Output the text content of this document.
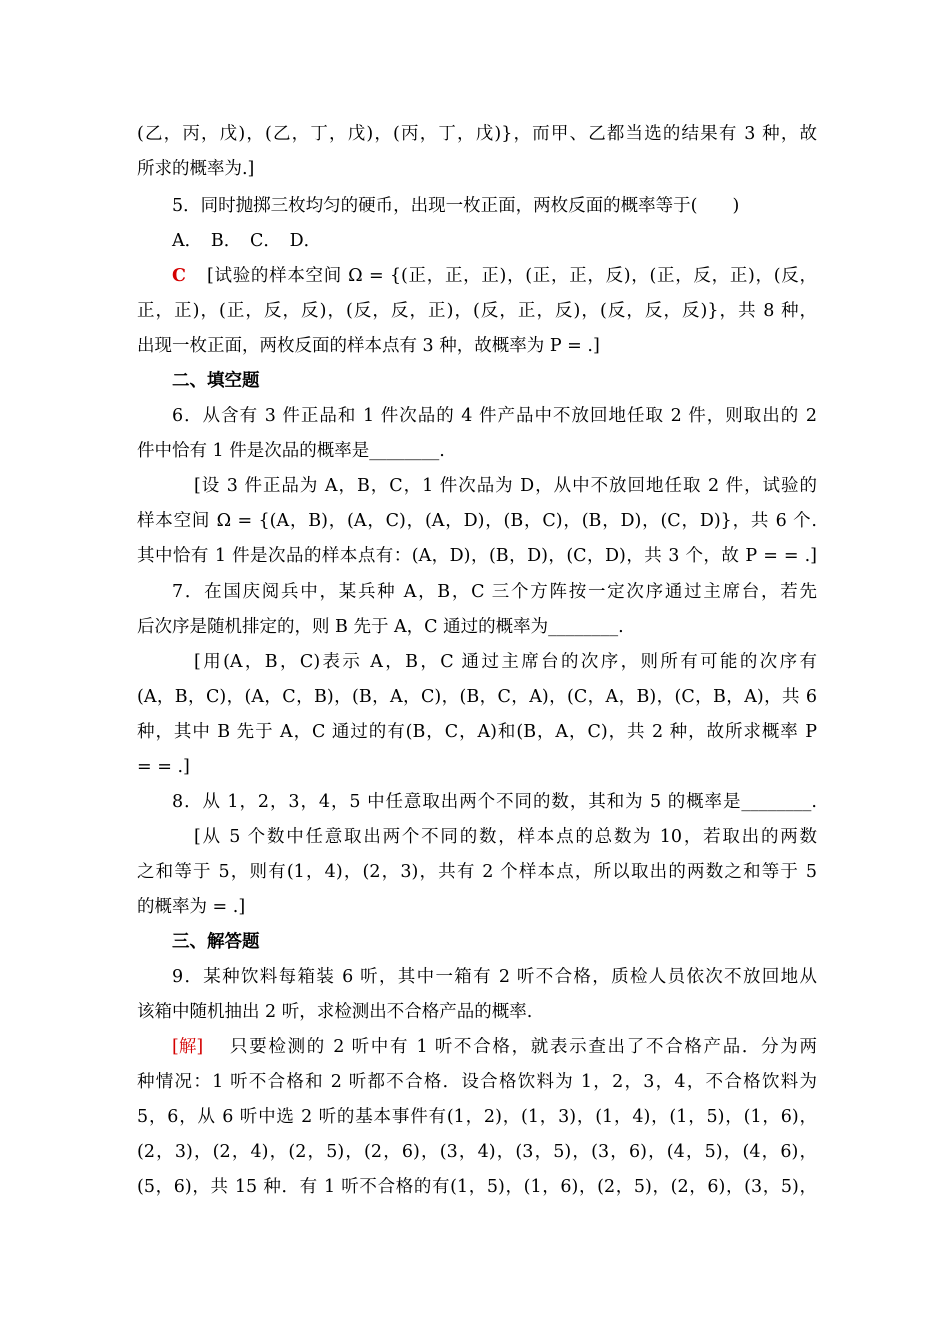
(乙，丙，戊)，(乙，丁，戊)，(丙，丁，戊)}，而甲、乙都当选的结果有 3 种，故
所求的概率为.]
5．同时抛掷三枚均匀的硬币，出现一枚正面，两枚反面的概率等于(　　)
A．　B．　C．　D．
C	[试验的样本空间 Ω = {(正，正，正)，(正，正，反)，(正，反，正)，(反，
正，正)，(正，反，反)，(反，反，正)，(反，正，反)，(反，反，反)}，共 8 种，
出现一枚正面，两枚反面的样本点有 3 种，故概率为 P = .]
二、填空题
6．从含有 3 件正品和 1 件次品的 4 件产品中不放回地任取 2 件，则取出的 2
件中恰有 1 件是次品的概率是________.
[设 3 件正品为 A，B，C，1 件次品为 D，从中不放回地任取 2 件，试验的
样本空间 Ω = {(A，B)，(A，C)，(A，D)，(B，C)，(B，D)，(C，D)}，共 6 个.
其中恰有 1 件是次品的样本点有：(A，D)，(B，D)，(C，D)，共 3 个，故 P = = .]
7．在国庆阅兵中，某兵种 A，B，C 三个方阵按一定次序通过主席台，若先
后次序是随机排定的，则 B 先于 A，C 通过的概率为________.
[用(A，B，C)表示 A，B，C 通过主席台的次序，则所有可能的次序有
(A，B，C)，(A，C，B)，(B，A，C)，(B，C，A)，(C，A，B)，(C，B，A)，共 6
种，其中 B 先于 A，C 通过的有(B，C，A)和(B，A，C)，共 2 种，故所求概率 P
= = .]
8．从 1，2，3，4，5 中任意取出两个不同的数，其和为 5 的概率是________.
[从 5 个数中任意取出两个不同的数，样本点的总数为 10，若取出的两数
之和等于 5，则有(1，4)，(2，3)，共有 2 个样本点，所以取出的两数之和等于 5
的概率为 = .]
三、解答题
9．某种饮料每箱装 6 听，其中一箱有 2 听不合格，质检人员依次不放回地从
该箱中随机抽出 2 听，求检测出不合格产品的概率.
[解]	只要检测的 2 听中有 1 听不合格，就表示查出了不合格产品．分为两
种情况：1 听不合格和 2 听都不合格．设合格饮料为 1，2，3，4，不合格饮料为
5，6，从 6 听中选 2 听的基本事件有(1，2)，(1，3)，(1，4)，(1，5)，(1，6)，
(2，3)，(2，4)，(2，5)，(2，6)，(3，4)，(3，5)，(3，6)，(4，5)，(4，6)，
(5，6)，共 15 种．有 1 听不合格的有(1，5)，(1，6)，(2，5)，(2，6)，(3，5)，
